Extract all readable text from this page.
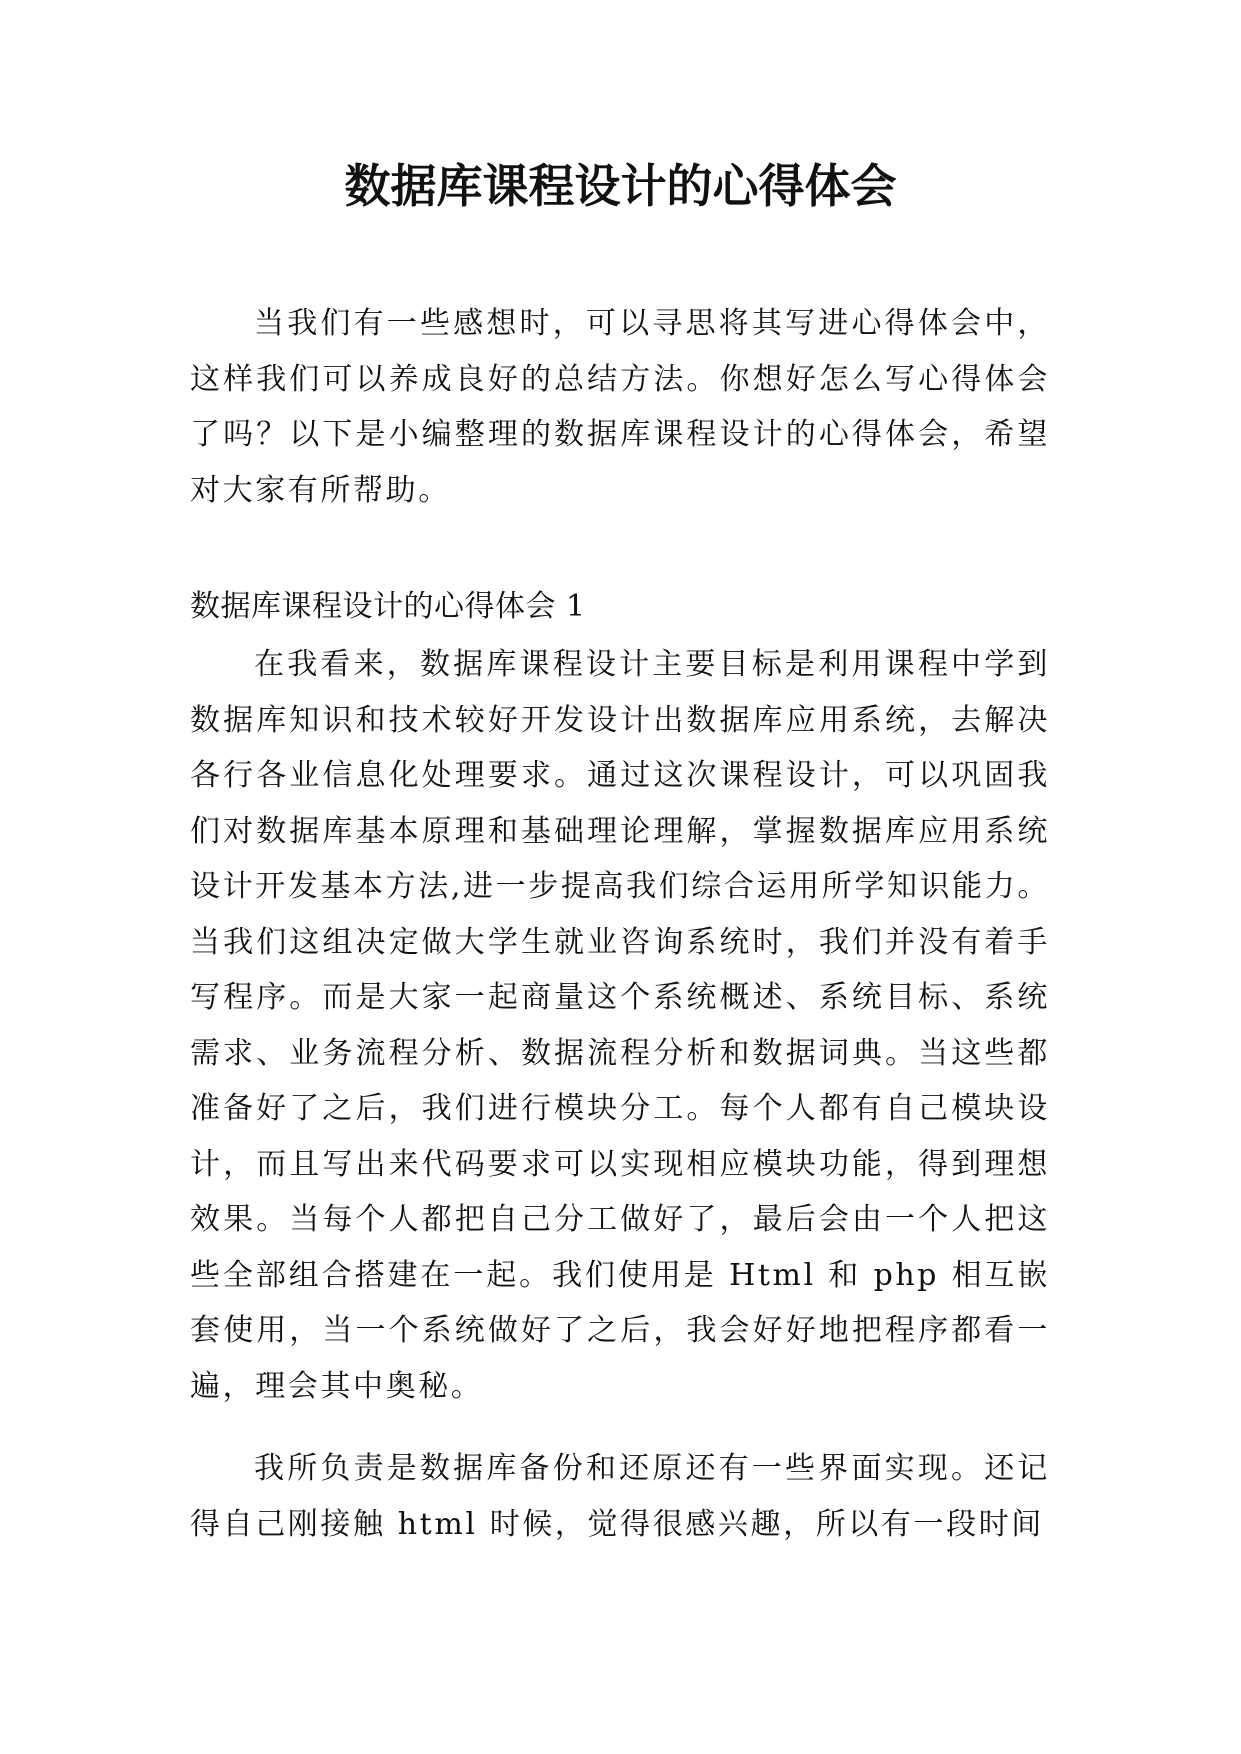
数据库课程设计的心得体会

当我们有一些感想时，可以寻思将其写进心得体会中，这样我们可以养成良好的总结方法。你想好怎么写心得体会了吗？以下是小编整理的数据库课程设计的心得体会，希望对大家有所帮助。

数据库课程设计的心得体会 1

在我看来，数据库课程设计主要目标是利用课程中学到数据库知识和技术较好开发设计出数据库应用系统，去解决各行各业信息化处理要求。通过这次课程设计，可以巩固我们对数据库基本原理和基础理论理解，掌握数据库应用系统设计开发基本方法,进一步提高我们综合运用所学知识能力。当我们这组决定做大学生就业咨询系统时，我们并没有着手写程序。而是大家一起商量这个系统概述、系统目标、系统需求、业务流程分析、数据流程分析和数据词典。当这些都准备好了之后，我们进行模块分工。每个人都有自己模块设计，而且写出来代码要求可以实现相应模块功能，得到理想效果。当每个人都把自己分工做好了，最后会由一个人把这些全部组合搭建在一起。我们使用是 Html 和 php 相互嵌套使用，当一个系统做好了之后，我会好好地把程序都看一遍，理会其中奥秘。

我所负责是数据库备份和还原还有一些界面实现。还记得自己刚接触 html 时候，觉得很感兴趣，所以有一段时间
